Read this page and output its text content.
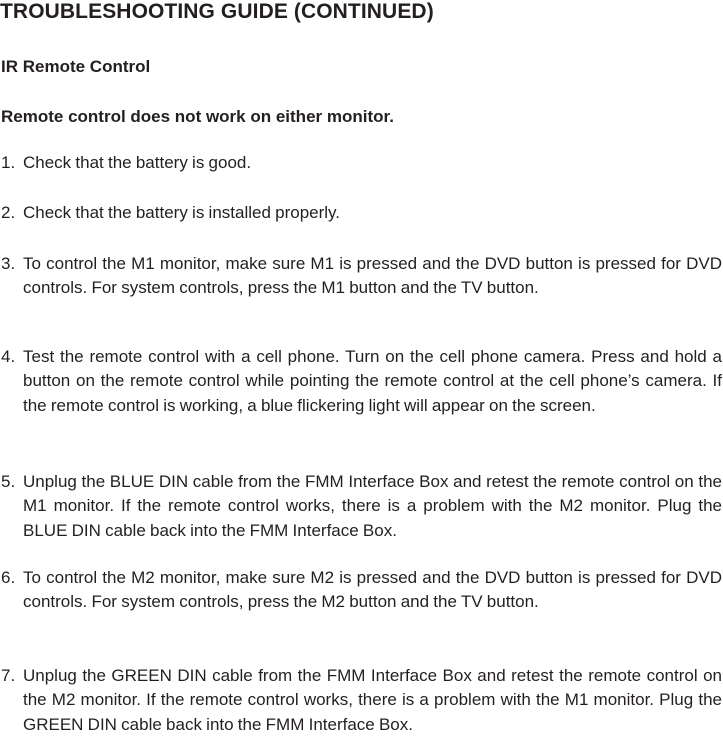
TROUBLESHOOTING GUIDE (CONTINUED)
IR Remote Control
Remote control does not work on either monitor.
1. Check that the battery is good.
2. Check that the battery is installed properly.
3. To control the M1 monitor, make sure M1 is pressed and the DVD button is pressed for DVD controls. For system controls, press the M1 button and the TV button.
4. Test the remote control with a cell phone. Turn on the cell phone camera. Press and hold a button on the remote control while pointing the remote control at the cell phone’s camera. If the remote control is working, a blue flickering light will appear on the screen.
5. Unplug the BLUE DIN cable from the FMM Interface Box and retest the remote control on the M1 monitor. If the remote control works, there is a problem with the M2 monitor. Plug the BLUE DIN cable back into the FMM Interface Box.
6. To control the M2 monitor, make sure M2 is pressed and the DVD button is pressed for DVD controls. For system controls, press the M2 button and the TV button.
7. Unplug the GREEN DIN cable from the FMM Interface Box and retest the remote control on the M2 monitor. If the remote control works, there is a problem with the M1 monitor. Plug the GREEN DIN cable back into the FMM Interface Box.
